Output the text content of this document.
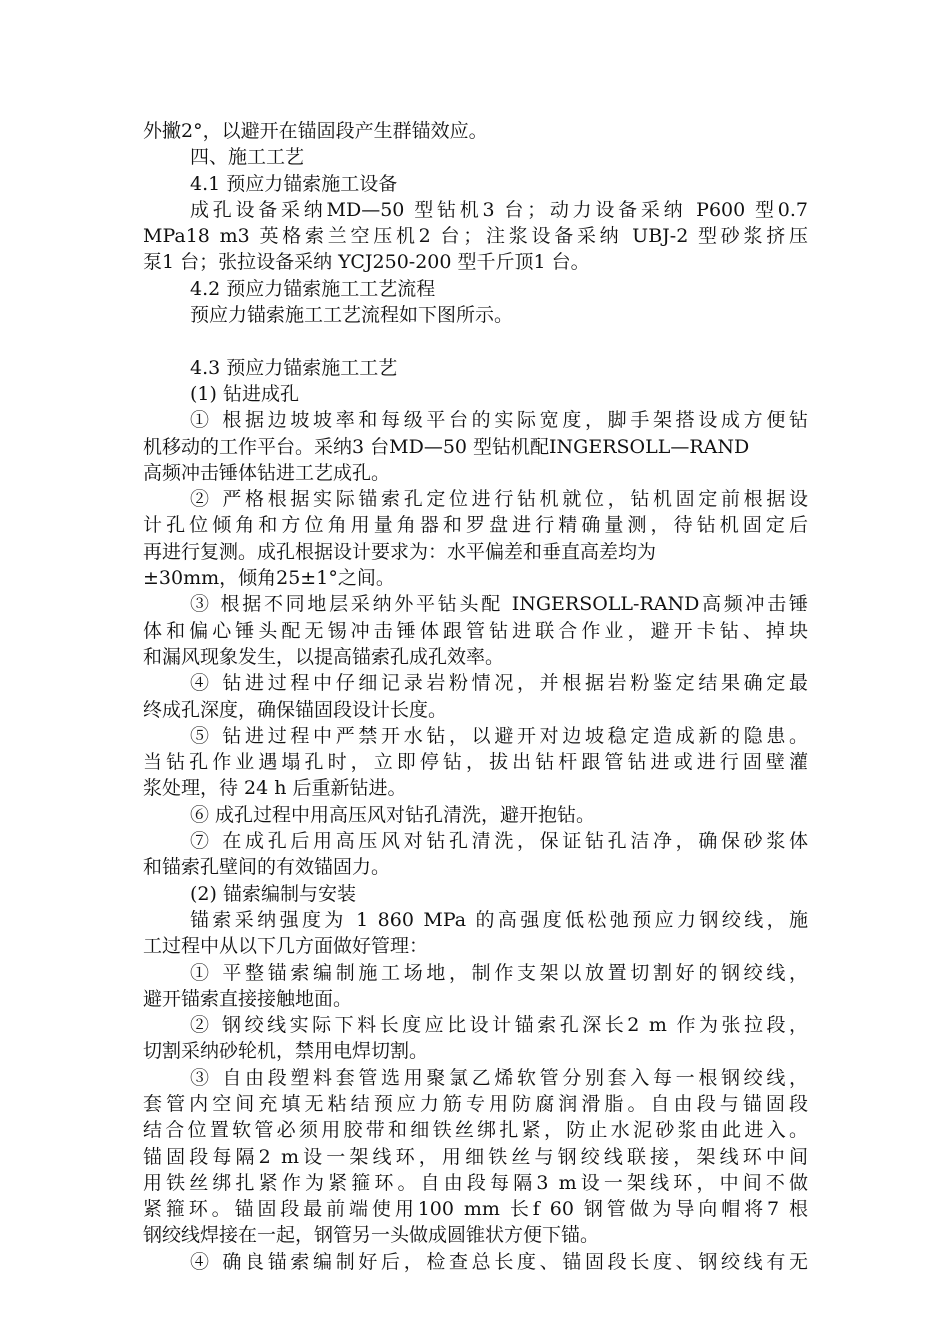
外撇2°，以避开在锚固段产生群锚效应。
四、施工工艺
4.1 预应力锚索施工设备
成孔设备采纳MD—50 型钻机3 台；动力设备采纳 P600 型0.7
MPa18 m3 英格索兰空压机2 台；注浆设备采纳 UBJ-2 型砂浆挤压
泵1 台；张拉设备采纳 YCJ250-200 型千斤顶1 台。
4.2 预应力锚索施工工艺流程
预应力锚索施工工艺流程如下图所示。
4.3 预应力锚索施工工艺
(1) 钻进成孔
① 根据边坡坡率和每级平台的实际宽度，脚手架搭设成方便钻
机移动的工作平台。采纳3 台MD—50 型钻机配INGERSOLL—RAND
高频冲击锤体钻进工艺成孔。
② 严格根据实际锚索孔定位进行钻机就位，钻机固定前根据设
计孔位倾角和方位角用量角器和罗盘进行精确量测，待钻机固定后
再进行复测。成孔根据设计要求为：水平偏差和垂直高差均为
±30mm，倾角25±1°之间。
③ 根据不同地层采纳外平钻头配 INGERSOLL-RAND高频冲击锤
体和偏心锤头配无锡冲击锤体跟管钻进联合作业，避开卡钻、掉块
和漏风现象发生，以提高锚索孔成孔效率。
④ 钻进过程中仔细记录岩粉情况，并根据岩粉鉴定结果确定最
终成孔深度，确保锚固段设计长度。
⑤ 钻进过程中严禁开水钻，以避开对边坡稳定造成新的隐患。
当钻孔作业遇塌孔时，立即停钻，拔出钻杆跟管钻进或进行固壁灌
浆处理，待 24 h 后重新钻进。
⑥ 成孔过程中用高压风对钻孔清洗，避开抱钻。
⑦ 在成孔后用高压风对钻孔清洗，保证钻孔洁净，确保砂浆体
和锚索孔壁间的有效锚固力。
(2) 锚索编制与安装
锚索采纳强度为 1 860 MPa 的高强度低松弛预应力钢绞线，施
工过程中从以下几方面做好管理：
① 平整锚索编制施工场地，制作支架以放置切割好的钢绞线，
避开锚索直接接触地面。
② 钢绞线实际下料长度应比设计锚索孔深长2 m 作为张拉段，
切割采纳砂轮机，禁用电焊切割。
③ 自由段塑料套管选用聚氯乙烯软管分别套入每一根钢绞线，
套管内空间充填无粘结预应力筋专用防腐润滑脂。自由段与锚固段
结合位置软管必须用胶带和细铁丝绑扎紧，防止水泥砂浆由此进入。
锚固段每隔2 m设一架线环，用细铁丝与钢绞线联接，架线环中间
用铁丝绑扎紧作为紧箍环。自由段每隔3 m设一架线环，中间不做
紧箍环。锚固段最前端使用100 mm 长f 60 钢管做为导向帽将7 根
钢绞线焊接在一起，钢管另一头做成圆锥状方便下锚。
④ 确良锚索编制好后，检查总长度、锚固段长度、钢绞线有无
